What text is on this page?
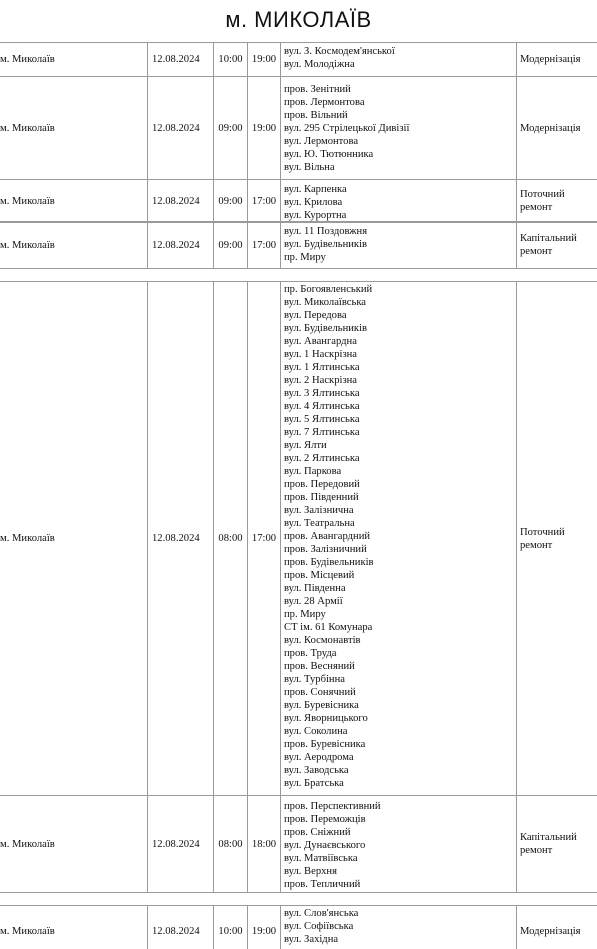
м. МИКОЛАЇВ
м. Миколаїв	12.08.2024	10:00	19:00	
вул. З. Космодем'янської
вул. Молодіжна	Модернізація
м. Миколаїв	12.08.2024	09:00	19:00	
пров. Зенітний
пров. Лермонтова
пров. Вільний
вул. 295 Стрілецької Дивізії
вул. Лермонтова
вул. Ю. Тютюнника
вул. Вільна
	Модернізація
м. Миколаїв	12.08.2024	09:00	17:00	
вул. Карпенка
вул. Крилова
вул. Курортна
	Поточний ремонт
м. Миколаїв	12.08.2024	09:00	17:00	
вул. 11 Поздовжня
вул. Будівельників
пр. Миру
	Капітальний ремонт
м. Миколаїв	12.08.2024	08:00	17:00	
пр. Богоявленський
вул. Миколаївська
вул. Передова
вул. Будівельників
вул. Авангардна
вул. 1 Наскрізна
вул. 1 Ялтинська
вул. 2 Наскрізна
вул. 3 Ялтинська
вул. 4 Ялтинська
вул. 5 Ялтинська
вул. 7 Ялтинська
вул. Ялти
вул. 2 Ялтинська
вул. Паркова
пров. Передовий
пров. Південний
вул. Залізнична
вул. Театральна
пров. Авангардний
пров. Залізничний
пров. Будівельників
пров. Місцевий
вул. Південна
вул. 28 Армії
пр. Миру
СТ ім. 61 Комунара
вул. Космонавтів
пров. Труда
пров. Весняний
вул. Турбінна
пров. Сонячний
вул. Буревісника
вул. Яворницького
вул. Соколина
пров. Буревісника
вул. Аеродрома
вул. Заводська
вул. Братська
	Поточний ремонт
м. Миколаїв	12.08.2024	08:00	18:00	
пров. Перспективний
пров. Переможців
пров. Сніжний
вул. Дунаєвського
вул. Матвіївська
вул. Верхня
пров. Тепличний
	Капітальний ремонт
м. Миколаїв	12.08.2024	10:00	19:00	
вул. Слов'янська
вул. Софіївська
вул. Західна
	Модернізація
